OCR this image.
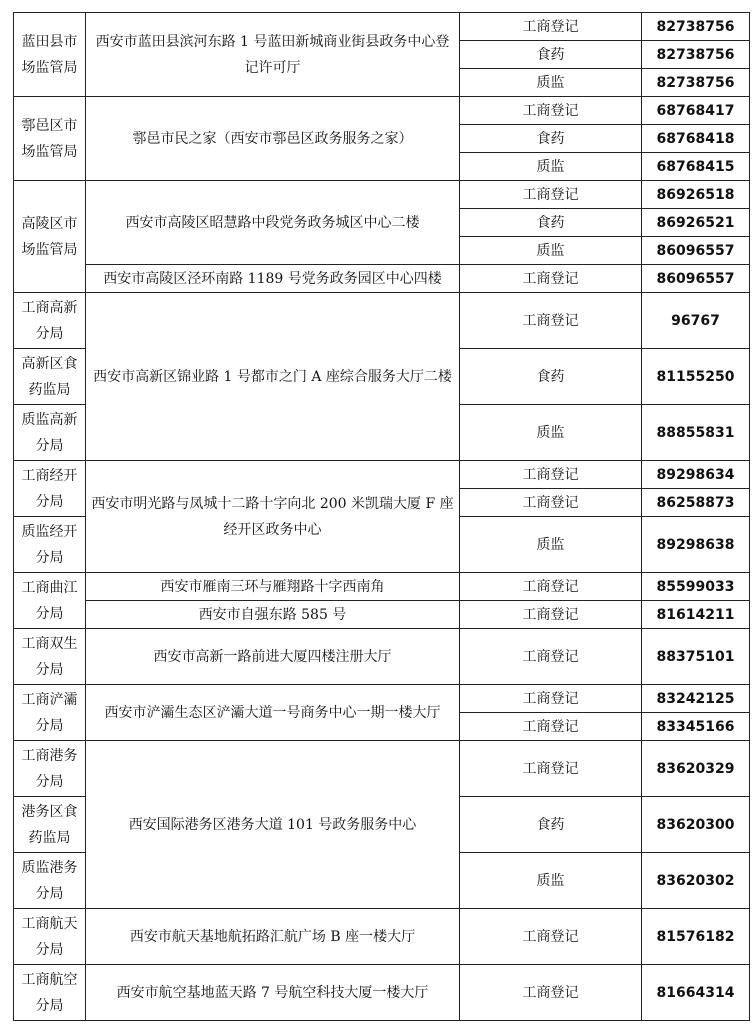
蓝田县市场监管局	西安市蓝田县滨河东路 1 号蓝田新城商业街县政务中心登记许可厅	工商登记	82738756
		食药	82738756
		质监	82738756
鄠邑区市场监管局	鄠邑市民之家（西安市鄠邑区政务服务之家）	工商登记	68768417
		食药	68768418
		质监	68768415
高陵区市场监管局	西安市高陵区昭慧路中段党务政务城区中心二楼	工商登记	86926518
		食药	86926521
		质监	86096557
	西安市高陵区泾环南路 1189 号党务政务园区中心四楼	工商登记	86096557
工商高新分局	西安市高新区锦业路 1 号都市之门 A 座综合服务大厅二楼	工商登记	96767
高新区食药监局		食药	81155250
质监高新分局		质监	88855831
工商经开分局	西安市明光路与凤城十二路十字向北 200 米凯瑞大厦 F 座经开区政务中心	工商登记	89298634
		工商登记	86258873
质监经开分局		质监	89298638
工商曲江分局	西安市雁南三环与雁翔路十字西南角	工商登记	85599033
	西安市自强东路 585 号	工商登记	81614211
工商双生分局	西安市高新一路前进大厦四楼注册大厅	工商登记	88375101
工商浐灞分局	西安市浐灞生态区浐灞大道一号商务中心一期一楼大厅	工商登记	83242125
		工商登记	83345166
工商港务分局	西安国际港务区港务大道 101 号政务服务中心	工商登记	83620329
港务区食药监局		食药	83620300
质监港务分局		质监	83620302
工商航天分局	西安市航天基地航拓路汇航广场 B 座一楼大厅	工商登记	81576182
工商航空分局	西安市航空基地蓝天路 7 号航空科技大厦一楼大厅	工商登记	81664314
